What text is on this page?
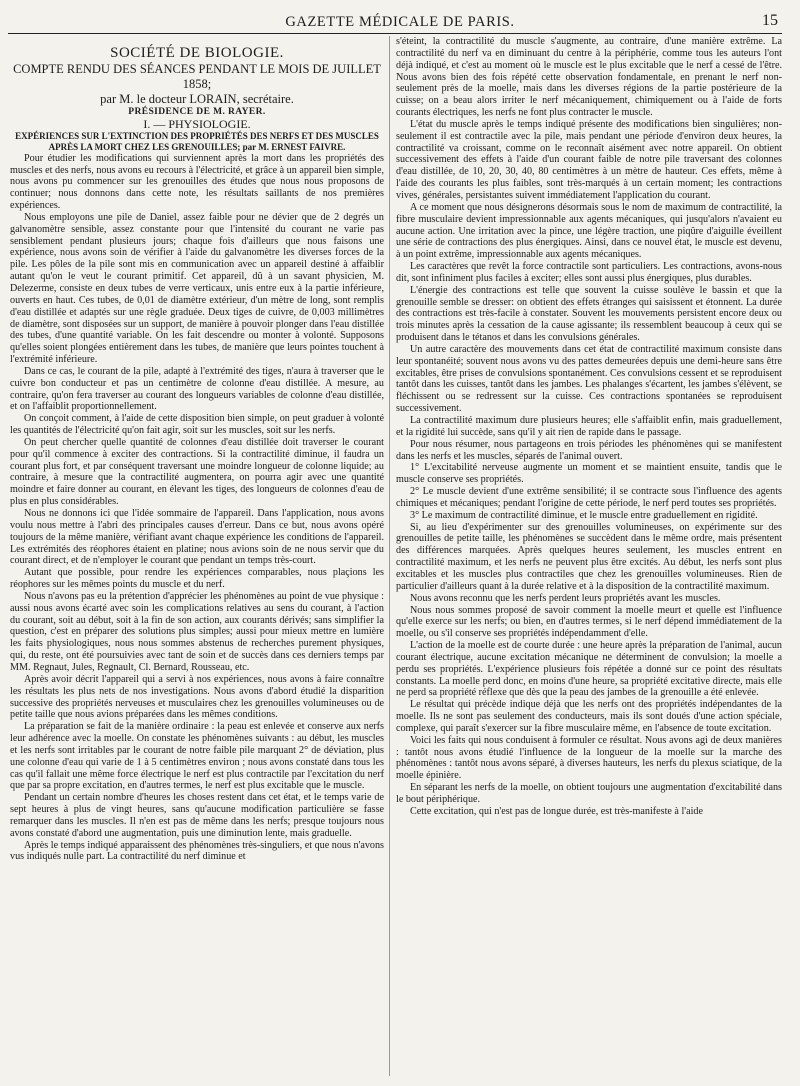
GAZETTE MÉDICALE DE PARIS.	15

SOCIÉTÉ DE BIOLOGIE.

COMPTE RENDU DES SÉANCES PENDANT LE MOIS DE JUILLET 1858;

par M. le docteur LORAIN, secrétaire.

PRÉSIDENCE DE M. RAYER.

I. — PHYSIOLOGIE.

EXPÉRIENCES SUR L'EXTINCTION DES PROPRIÉTÉS DES NERFS ET DES MUSCLES APRÈS LA MORT CHEZ LES GRENOUILLES; par M. ERNEST FAIVRE.

Pour étudier les modifications qui surviennent après la mort dans les propriétés des muscles et des nerfs, nous avons eu recours à l'électricité, et grâce à un appareil bien simple, nous avons pu commencer sur les grenouilles des études que nous nous proposons de continuer; nous donnons dans cette note, les résultats saillants de nos premières expériences.

Nous employons une pile de Daniel, assez faible pour ne dévier que de 2 degrés un galvanomètre sensible, assez constante pour que l'intensité du courant ne varie pas sensiblement pendant plusieurs jours; chaque fois d'ailleurs que nous faisons une expérience, nous avons soin de vérifier à l'aide du galvanomètre les diverses forces de la pile. Les pôles de la pile sont mis en communication avec un appareil destiné à affaiblir autant qu'on le veut le courant primitif. Cet appareil, dû à un savant physicien, M. Delezerme, consiste en deux tubes de verre verticaux, unis entre eux à la partie inférieure, ouverts en haut. Ces tubes, de 0,01 de diamètre extérieur, d'un mètre de long, sont remplis d'eau distillée et adaptés sur une règle graduée. Deux tiges de cuivre, de 0,003 millimètres de diamètre, sont disposées sur un support, de manière à pouvoir plonger dans l'eau distillée des tubes, d'une quantité variable. On les fait descendre ou monter à volonté. Supposons qu'elles soient plongées entièrement dans les tubes, de manière que leurs pointes touchent à l'extrémité inférieure.

Dans ce cas, le courant de la pile, adapté à l'extrémité des tiges, n'aura à traverser que le cuivre bon conducteur et pas un centimètre de colonne d'eau distillée. A mesure, au contraire, qu'on fera traverser au courant des longueurs variables de colonne d'eau distillée, et on l'affaiblit proportionnellement.

On conçoit comment, à l'aide de cette disposition bien simple, on peut graduer à volonté les quantités de l'électricité qu'on fait agir, soit sur les muscles, soit sur les nerfs.

On peut chercher quelle quantité de colonnes d'eau distillée doit traverser le courant pour qu'il commence à exciter des contractions. Si la contractilité diminue, il faudra un courant plus fort, et par conséquent traversant une moindre longueur de colonne liquide; au contraire, à mesure que la contractilité augmentera, on pourra agir avec une quantité moindre et faire donner au courant, en élevant les tiges, des longueurs de colonnes d'eau de plus en plus considérables.

Nous ne donnons ici que l'idée sommaire de l'appareil. Dans l'application, nous avons voulu nous mettre à l'abri des principales causes d'erreur. Dans ce but, nous avons opéré toujours de la même manière, vérifiant avant chaque expérience les conditions de l'appareil. Les extrémités des réophores étaient en platine; nous avions soin de ne nous servir que du courant direct, et de n'employer le courant que pendant un temps très-court.

Autant que possible, pour rendre les expériences comparables, nous plaçions les réophores sur les mêmes points du muscle et du nerf.

Nous n'avons pas eu la prétention d'apprécier les phénomènes au point de vue physique : aussi nous avons écarté avec soin les complications relatives au sens du courant, à l'action du courant, soit au début, soit à la fin de son action, aux courants dérivés; sans simplifier la question, c'est en préparer des solutions plus simples; aussi pour mieux mettre en lumière les faits physiologiques, nous nous sommes abstenus de recherches purement physiques, qui, du reste, ont été poursuivies avec tant de soin et de succès dans ces derniers temps par MM. Regnaut, Jules, Regnault, Cl. Bernard, Rousseau, etc.

Après avoir décrit l'appareil qui a servi à nos expériences, nous avons à faire connaître les résultats les plus nets de nos investigations. Nous avons d'abord étudié la disparition successive des propriétés nerveuses et musculaires chez les grenouilles volumineuses ou de petite taille que nous avions préparées dans les mêmes conditions.

La préparation se fait de la manière ordinaire : la peau est enlevée et conserve aux nerfs leur adhérence avec la moelle. On constate les phénomènes suivants : au début, les muscles et les nerfs sont irritables par le courant de notre faible pile marquant 2° de déviation, plus une colonne d'eau qui varie de 1 à 5 centimètres environ ; nous avons constaté dans tous les cas qu'il fallait une même force électrique le nerf est plus contractile par l'excitation du nerf que par sa propre excitation, en d'autres termes, le nerf est plus excitable que le muscle.

Pendant un certain nombre d'heures les choses restent dans cet état, et le temps varie de sept heures à plus de vingt heures, sans qu'aucune modification particulière se fasse remarquer dans les muscles. Il n'en est pas de même dans les nerfs; presque toujours nous avons constaté d'abord une augmentation, puis une diminution lente, mais graduelle.

Après le temps indiqué apparaissent des phénomènes très-singuliers, et que nous n'avons vus indiqués nulle part. La contractilité du nerf diminue et

s'éteint, la contractilité du muscle s'augmente, au contraire, d'une manière extrême. La contractilité du nerf va en diminuant du centre à la périphérie, comme tous les auteurs l'ont déjà indiqué, et c'est au moment où le muscle est le plus excitable que le nerf a cessé de l'être. Nous avons bien des fois répété cette observation fondamentale, en prenant le nerf non-seulement près de la moelle, mais dans les diverses régions de la partie postérieure de la cuisse; on a beau alors irriter le nerf mécaniquement, chimiquement ou à l'aide de forts courants électriques, les nerfs ne font plus contracter le muscle.

L'état du muscle après le temps indiqué présente des modifications bien singulières; non-seulement il est contractile avec la pile, mais pendant une période d'environ deux heures, la contractilité va croissant, comme on le reconnaît aisément avec notre appareil. On obtient successivement des effets à l'aide d'un courant faible de notre pile traversant des colonnes d'eau distillée, de 10, 20, 30, 40, 80 centimètres à un mètre de hauteur. Ces effets, même à l'aide des courants les plus faibles, sont très-marqués à un certain moment; les contractions vives, générales, persistantes suivent immédiatement l'application du courant.

A ce moment que nous désignerons désormais sous le nom de maximum de contractilité, la fibre musculaire devient impressionnable aux agents mécaniques, qui jusqu'alors n'avaient eu aucune action. Une irritation avec la pince, une légère traction, une piqûre d'aiguille éveillent une série de contractions des plus énergiques. Ainsi, dans ce nouvel état, le muscle est devenu, à un point extrême, impressionnable aux agents mécaniques.

Les caractères que revêt la force contractile sont particuliers. Les contractions, avons-nous dit, sont infiniment plus faciles à exciter; elles sont aussi plus énergiques, plus durables.

L'énergie des contractions est telle que souvent la cuisse soulève le bassin et que la grenouille semble se dresser: on obtient des effets étranges qui saisissent et étonnent. La durée des contractions est très-facile à constater. Souvent les mouvements persistent encore deux ou trois minutes après la cessation de la cause agissante; ils ressemblent beaucoup à ceux qui se produisent dans le tétanos et dans les convulsions générales.

Un autre caractère des mouvements dans cet état de contractilité maximum consiste dans leur spontanéité; souvent nous avons vu des pattes demeurées depuis une demi-heure sans être excitables, être prises de convulsions spontanément. Ces convulsions cessent et se reproduisent tantôt dans les cuisses, tantôt dans les jambes. Les phalanges s'écartent, les jambes s'élèvent, se fléchissent ou se redressent sur la cuisse. Ces contractions spontanées se reproduisent successivement.

La contractilité maximum dure plusieurs heures; elle s'affaiblit enfin, mais graduellement, et la rigidité lui succède, sans qu'il y ait rien de rapide dans le passage.

Pour nous résumer, nous partageons en trois périodes les phénomènes qui se manifestent dans les nerfs et les muscles, séparés de l'animal ouvert.

1° L'excitabilité nerveuse augmente un moment et se maintient ensuite, tandis que le muscle conserve ses propriétés.

2° Le muscle devient d'une extrême sensibilité; il se contracte sous l'influence des agents chimiques et mécaniques; pendant l'origine de cette période, le nerf perd toutes ses propriétés.

3° Le maximum de contractilité diminue, et le muscle entre graduellement en rigidité.

Si, au lieu d'expérimenter sur des grenouilles volumineuses, on expérimente sur des grenouilles de petite taille, les phénomènes se succèdent dans le même ordre, mais présentent des différences marquées. Après quelques heures seulement, les muscles entrent en contractilité maximum, et les nerfs ne peuvent plus être excités. Au début, les nerfs sont plus excitables et les muscles plus contractiles que chez les grenouilles volumineuses. Rien de particulier d'ailleurs quant à la durée relative et à la disposition de la contractilité maximum.

Nous avons reconnu que les nerfs perdent leurs propriétés avant les muscles.

Nous nous sommes proposé de savoir comment la moelle meurt et quelle est l'influence qu'elle exerce sur les nerfs; ou bien, en d'autres termes, si le nerf dépend immédiatement de la moelle, ou s'il conserve ses propriétés indépendamment d'elle.

L'action de la moelle est de courte durée : une heure après la préparation de l'animal, aucun courant électrique, aucune excitation mécanique ne déterminent de convulsion; la moelle a perdu ses propriétés. L'expérience plusieurs fois répétée a donné sur ce point des résultats constants. La moelle perd donc, en moins d'une heure, sa propriété excitative directe, mais elle ne perd sa propriété réflexe que dès que la peau des jambes de la grenouille a été enlevée.

Le résultat qui précède indique déjà que les nerfs ont des propriétés indépendantes de la moelle. Ils ne sont pas seulement des conducteurs, mais ils sont doués d'une action spéciale, complexe, qui paraît s'exercer sur la fibre musculaire même, en l'absence de toute excitation.

Voici les faits qui nous conduisent à formuler ce résultat. Nous avons agi de deux manières : tantôt nous avons étudié l'influence de la longueur de la moelle sur la marche des phénomènes : tantôt nous avons séparé, à diverses hauteurs, les nerfs du plexus sciatique, de la moelle épinière.

En séparant les nerfs de la moelle, on obtient toujours une augmentation d'excitabilité dans le bout périphérique.

Cette excitation, qui n'est pas de longue durée, est très-manifeste à l'aide
